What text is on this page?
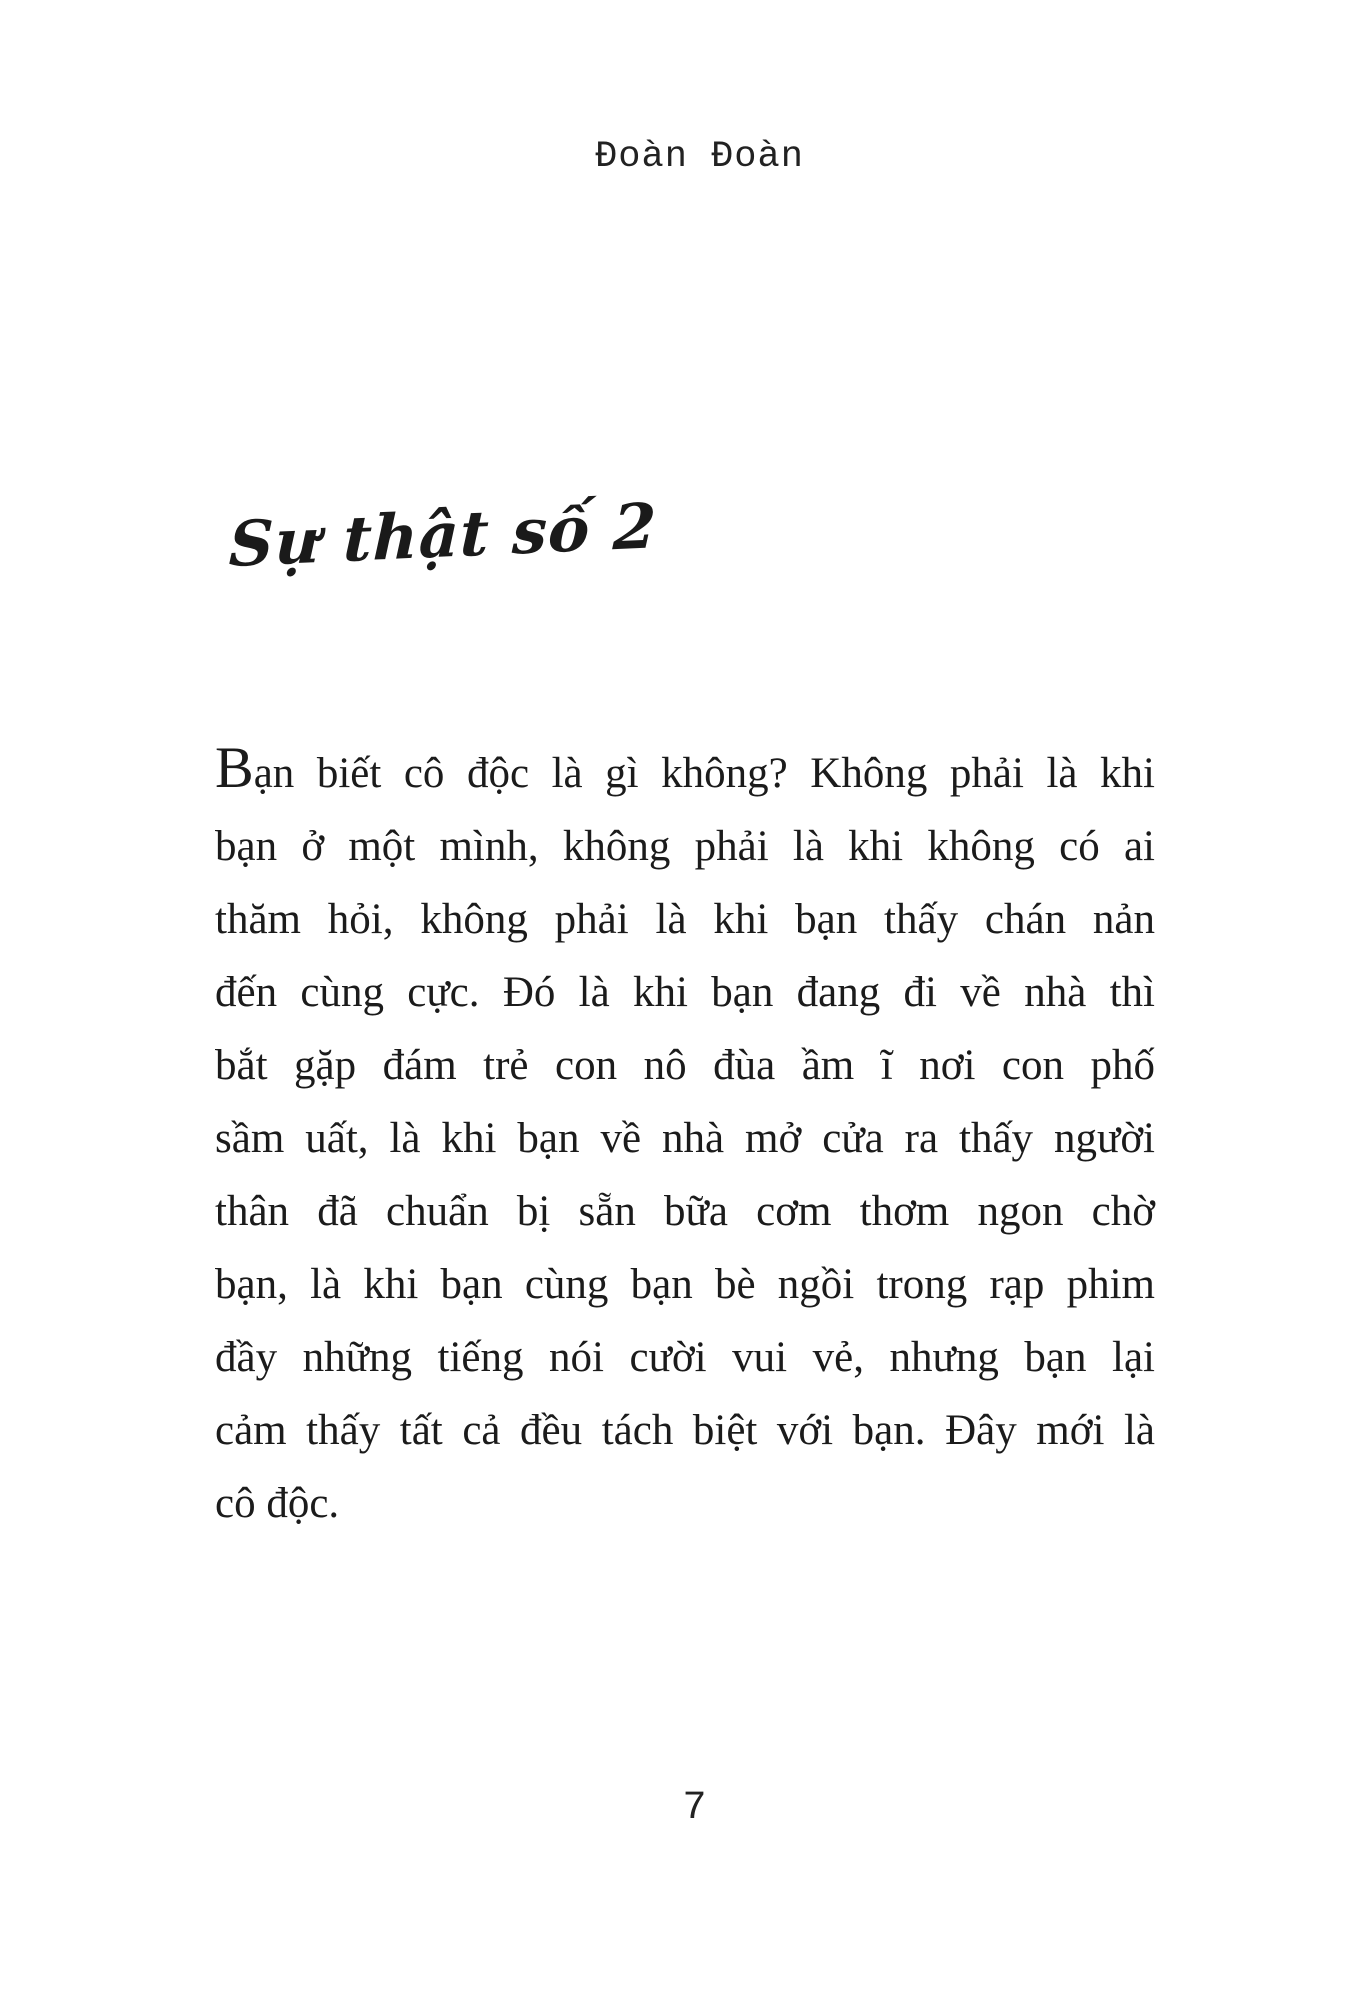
Đoàn Đoàn
Sự thật số 2
Bạn biết cô độc là gì không? Không phải là khi
bạn ở một mình, không phải là khi không có ai
thăm hỏi, không phải là khi bạn thấy chán nản
đến cùng cực. Đó là khi bạn đang đi về nhà thì
bắt gặp đám trẻ con nô đùa ầm ĩ nơi con phố
sầm uất, là khi bạn về nhà mở cửa ra thấy người
thân đã chuẩn bị sẵn bữa cơm thơm ngon chờ
bạn, là khi bạn cùng bạn bè ngồi trong rạp phim
đầy những tiếng nói cười vui vẻ, nhưng bạn lại
cảm thấy tất cả đều tách biệt với bạn. Đây mới là
cô độc.
7
